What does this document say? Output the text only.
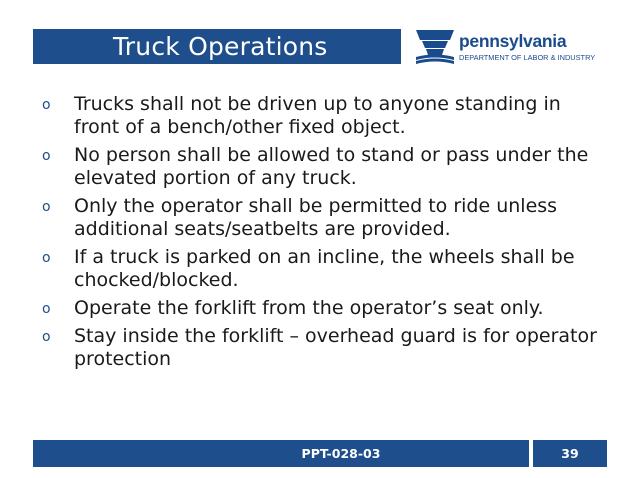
Truck Operations	pennsylvania
DEPARTMENT OF LABOR & INDUSTRY
o Trucks shall not be driven up to anyone standing in front of a bench/other fixed object.
o No person shall be allowed to stand or pass under the elevated portion of any truck.
o Only the operator shall be permitted to ride unless additional seats/seatbelts are provided.
o If a truck is parked on an incline, the wheels shall be chocked/blocked.
o Operate the forklift from the operator’s seat only.
o Stay inside the forklift – overhead guard is for operator protection
PPT-028-03	39
